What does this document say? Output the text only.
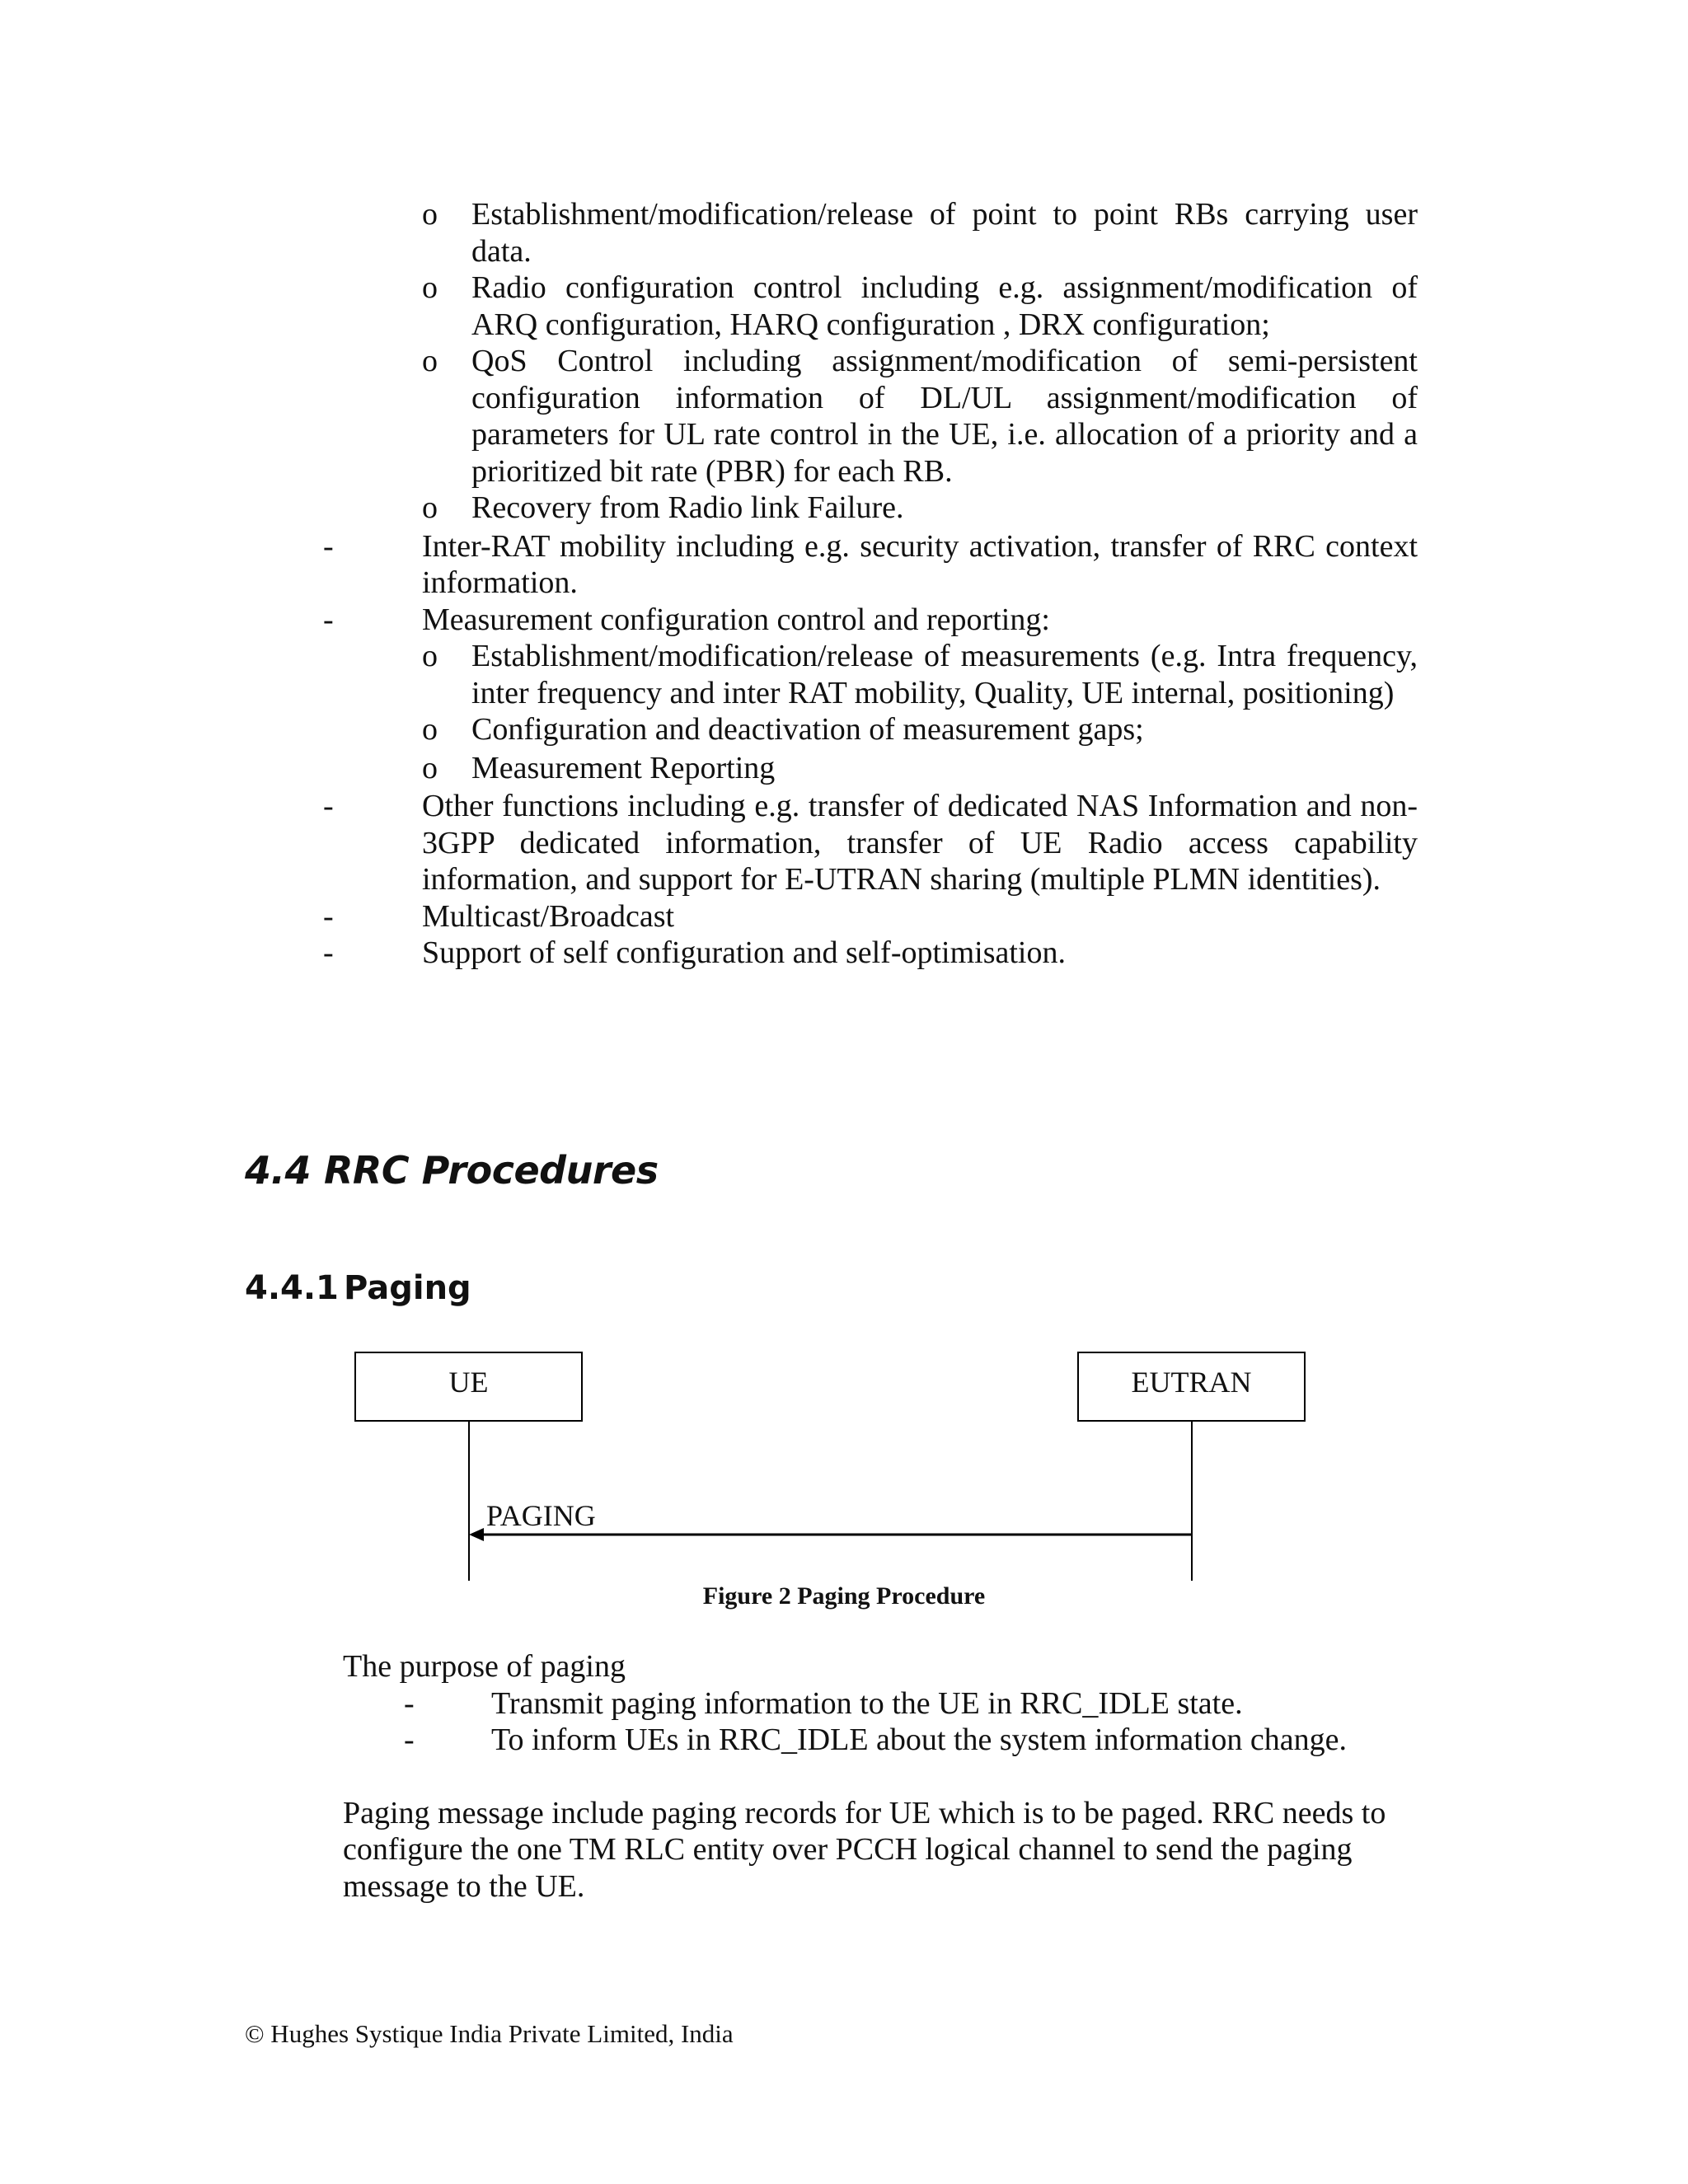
o Establishment/modification/release of point to point RBs carrying user data.
o Radio configuration control including e.g. assignment/modification of ARQ configuration, HARQ configuration , DRX configuration;
o QoS Control including assignment/modification of semi-persistent configuration information of DL/UL assignment/modification of parameters for UL rate control in the UE, i.e. allocation of a priority and a prioritized bit rate (PBR) for each RB.
o Recovery from Radio link Failure.
-	Inter-RAT mobility including e.g. security activation, transfer of RRC context information.
-	Measurement configuration control and reporting:
o Establishment/modification/release of measurements (e.g. Intra frequency, inter frequency and inter RAT mobility, Quality, UE internal, positioning)
o Configuration and deactivation of measurement gaps;
o Measurement Reporting
-	Other functions including e.g. transfer of dedicated NAS Information and non-3GPP dedicated information, transfer of UE Radio access capability information, and support for E-UTRAN sharing (multiple PLMN identities).
-	Multicast/Broadcast
-	Support of self configuration and self-optimisation.
4.4 RRC Procedures
4.4.1 Paging
UE	EUTRAN
PAGING
Figure 2 Paging Procedure
The purpose of paging
- Transmit paging information to the UE in RRC_IDLE state.
- To inform UEs in RRC_IDLE about the system information change.
Paging message include paging records for UE which is to be paged. RRC needs to configure the one TM RLC entity over PCCH logical channel to send the paging message to the UE.
© Hughes Systique India Private Limited, India
